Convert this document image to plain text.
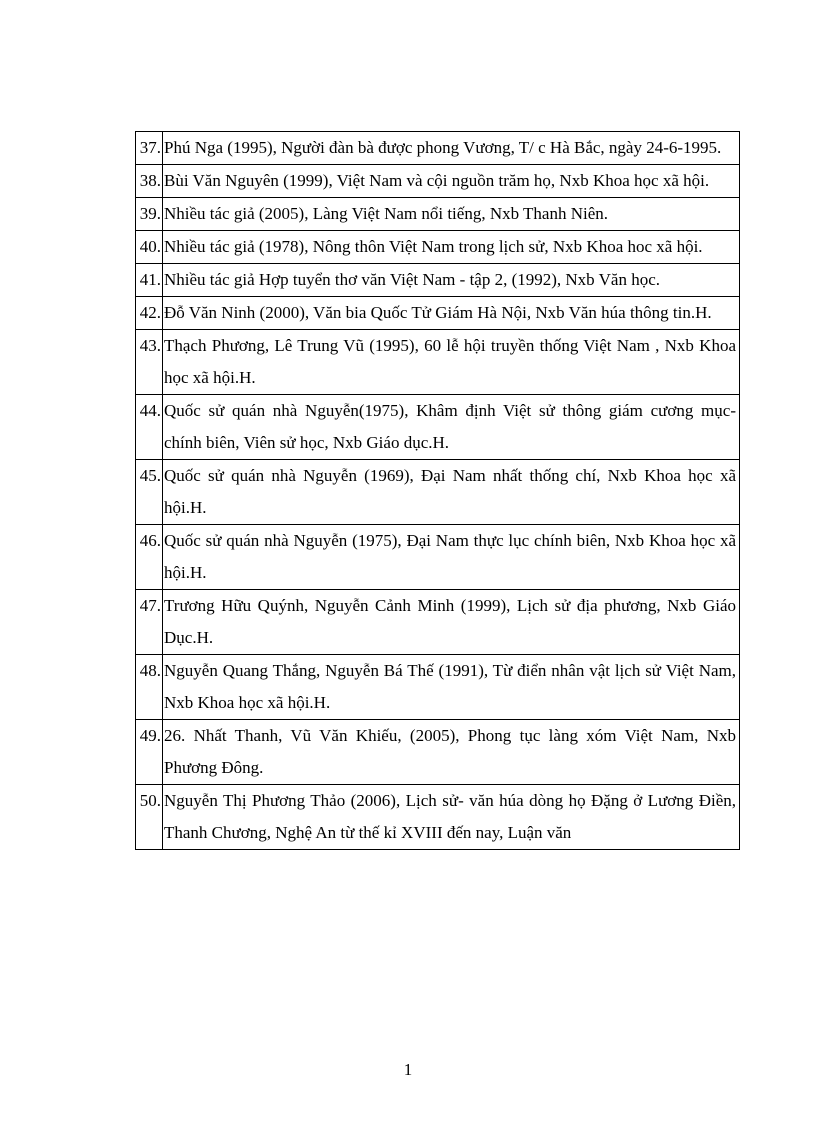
37.	Phú Nga (1995), Người đàn bà được phong Vương, T/ c Hà Bắc, ngày 24-6-1995.
38.	Bùi Văn Nguyên (1999), Việt Nam và cội nguồn trăm họ, Nxb Khoa học xã hội.
39.	Nhiều tác giả (2005), Làng Việt Nam nổi tiếng, Nxb Thanh Niên.
40.	Nhiều tác giả (1978), Nông thôn Việt Nam trong lịch sử, Nxb Khoa hoc xã hội.
41.	Nhiều tác giả Hợp tuyển thơ văn Việt Nam - tập 2, (1992), Nxb Văn học.
42.	Đỗ Văn Ninh (2000), Văn bia Quốc Tử Giám Hà Nội, Nxb Văn húa thông tin.H.
43.	Thạch Phương, Lê Trung Vũ (1995), 60 lễ hội truyền thống Việt Nam , Nxb Khoa học xã hội.H.
44.	Quốc sử quán nhà Nguyễn(1975), Khâm định Việt sử thông giám cương mục- chính biên, Viên sử học, Nxb Giáo dục.H.
45.	Quốc sử quán nhà Nguyễn (1969), Đại Nam nhất thống chí, Nxb Khoa học xã hội.H.
46.	Quốc sử quán nhà Nguyễn (1975), Đại Nam thực lục chính biên, Nxb Khoa học xã hội.H.
47.	Trương Hữu Quýnh, Nguyễn Cảnh Minh (1999), Lịch sử địa phương, Nxb Giáo Dục.H.
48.	Nguyễn Quang Thắng, Nguyễn Bá Thế (1991), Từ điển nhân vật lịch sử Việt Nam, Nxb Khoa học xã hội.H.
49.	26. Nhất Thanh, Vũ Văn Khiếu, (2005), Phong tục làng xóm Việt Nam, Nxb Phương Đông.
50.	Nguyễn Thị Phương Thảo (2006), Lịch sử- văn húa dòng họ Đặng ở Lương Điền, Thanh Chương, Nghệ An từ thế kỉ XVIII đến nay, Luận văn
1
